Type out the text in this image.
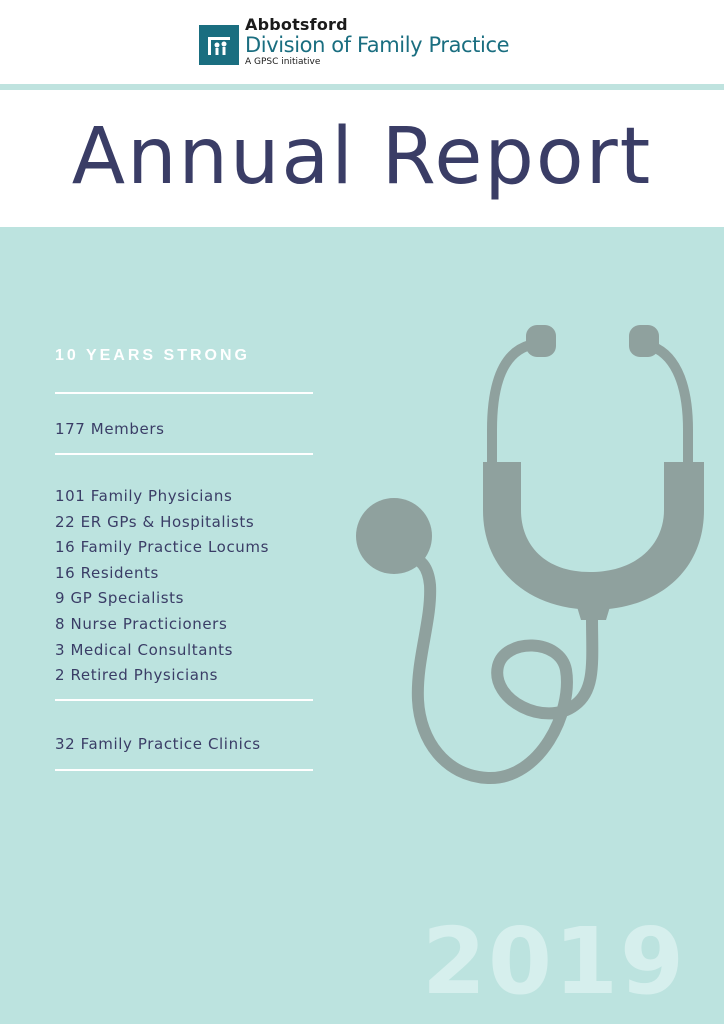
Abbotsford
Division of Family Practice
A GPSC initiative
Annual Report
10 YEARS STRONG
177 Members
101 Family Physicians
22 ER GPs & Hospitalists
16 Family Practice Locums
16 Residents
9 GP Specialists
8 Nurse Practicioners
3 Medical Consultants
2 Retired Physicians
32 Family Practice Clinics
2019
